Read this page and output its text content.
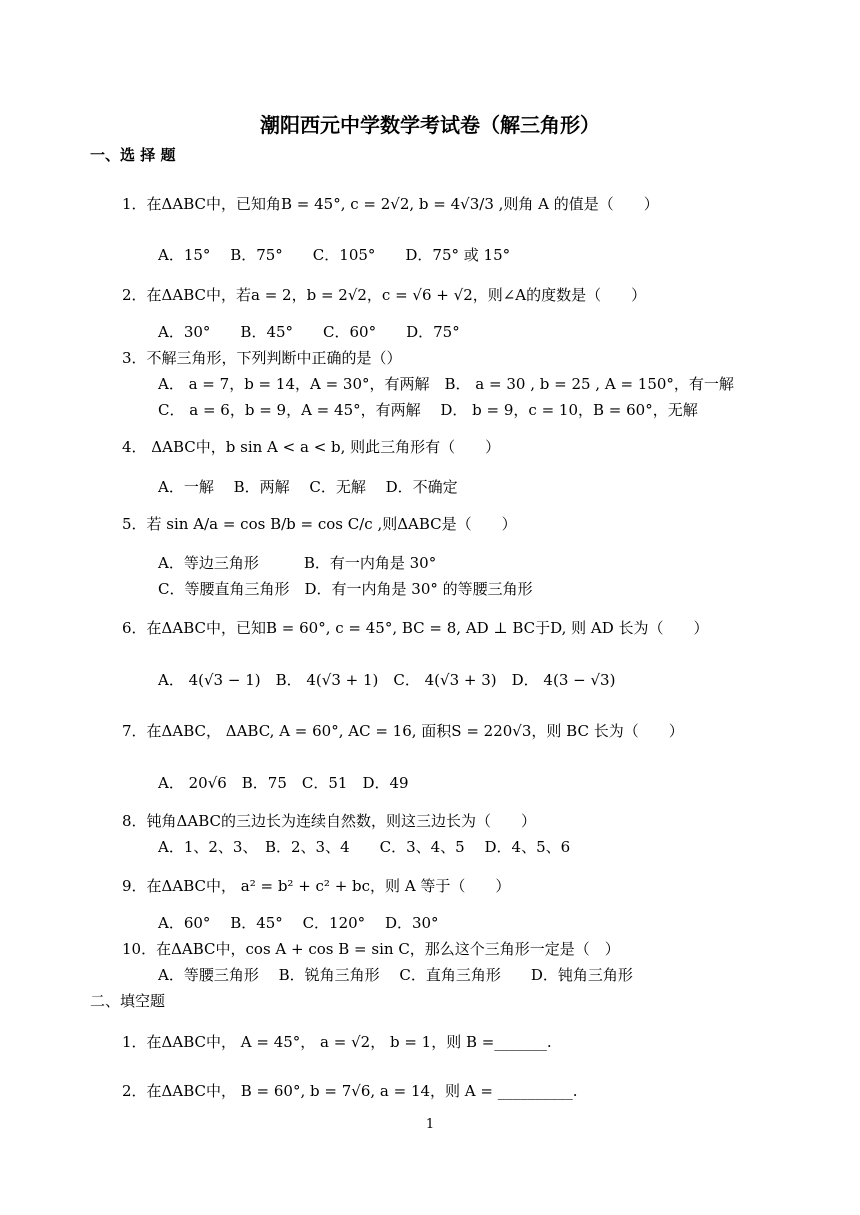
潮阳西元中学数学考试卷（解三角形）
一、选 择 题
1．在ΔABC中，已知角B = 45°, c = 2√2, b = 4√3/3 ,则角 A 的值是（　　）
A．15°　 B．75°　　C．105°　　D．75° 或 15°
2．在ΔABC中，若a = 2，b = 2√2，c = √6 + √2，则∠A的度数是（　　）
A．30°　　B．45°　　C．60°　　D．75°
3．不解三角形，下列判断中正确的是（）
A． a = 7，b = 14，A = 30°，有两解　B． a = 30 , b = 25 , A = 150°，有一解
C． a = 6，b = 9，A = 45°，有两解　 D． b = 9，c = 10，B = 60°，无解
4． ΔABC中，b sin A < a < b, 则此三角形有（　　）
A．一解　 B．两解　 C．无解　 D．不确定
5．若 sin A/a = cos B/b = cos C/c ,则ΔABC是（　　）
A．等边三角形　　　B．有一内角是 30°
C．等腰直角三角形　D．有一内角是 30° 的等腰三角形
6．在ΔABC中，已知B = 60°, c = 45°, BC = 8, AD ⊥ BC于D, 则 AD 长为（　　）
A． 4(√3 − 1)　B． 4(√3 + 1)　C． 4(√3 + 3)　D． 4(3 − √3)
7．在ΔABC， ΔABC, A = 60°, AC = 16, 面积S = 220√3，则 BC 长为（　　）
A． 20√6　B．75　C．51　D．49
8．钝角ΔABC的三边长为连续自然数，则这三边长为（　　）
A．1、2、3、　B．2、3、4　　C．3、4、5　 D．4、5、6
9．在ΔABC中， a² = b² + c² + bc，则 A 等于（　　）
A．60°　 B．45°　 C．120°　 D．30°
10．在ΔABC中，cos A + cos B = sin C，那么这个三角形一定是（　）
A．等腰三角形　 B．锐角三角形　 C．直角三角形　　D．钝角三角形
二、填空题
1．在ΔABC中， A = 45°， a = √2， b = 1，则 B =_______.
2．在ΔABC中， B = 60°, b = 7√6, a = 14，则 A = __________.
1
